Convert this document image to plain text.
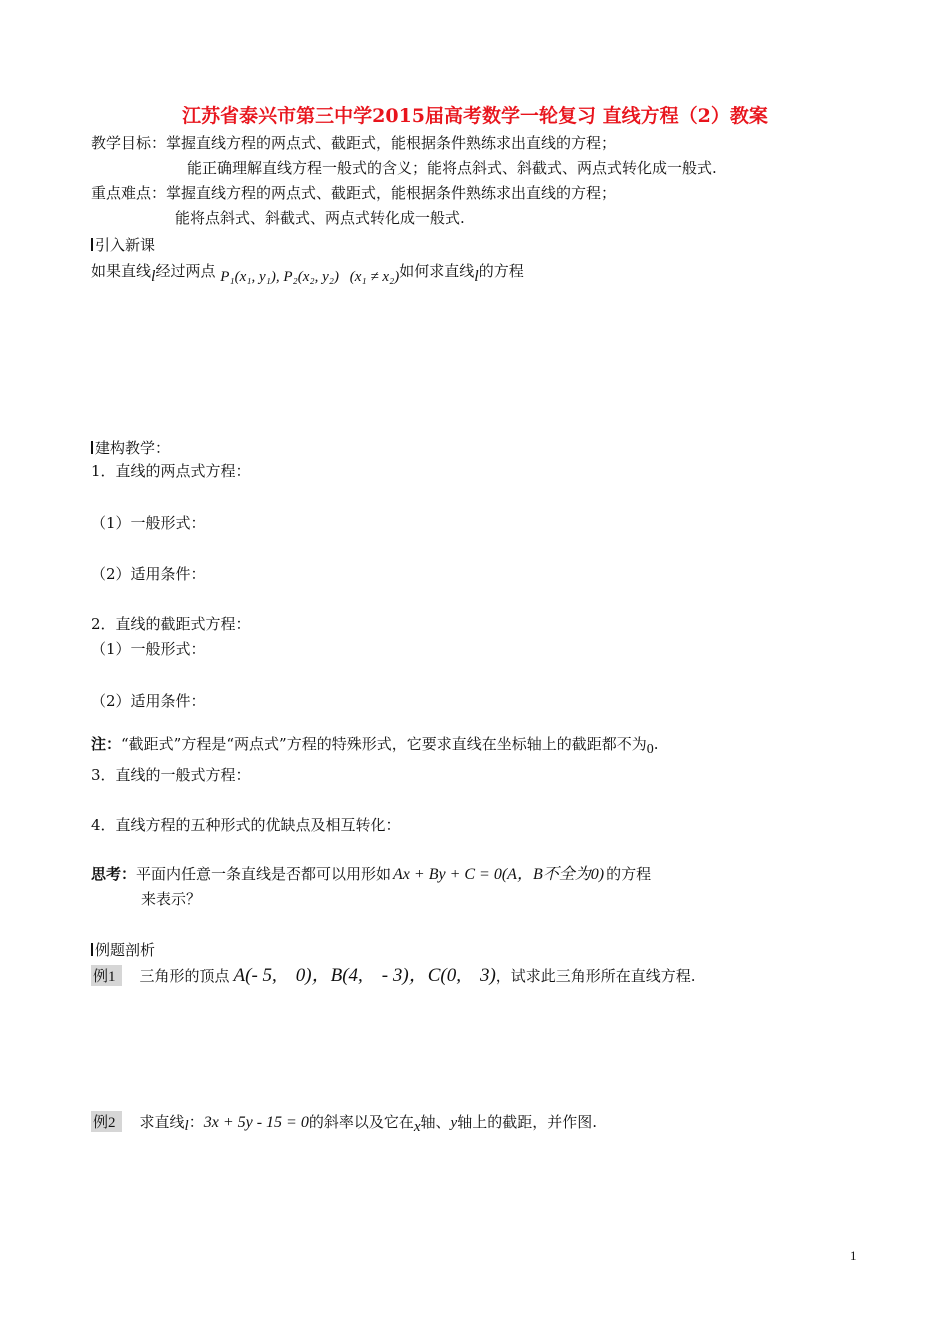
江苏省泰兴市第三中学2015届高考数学一轮复习 直线方程（2）教案
教学目标：掌握直线方程的两点式、截距式，能根据条件熟练求出直线的方程；
能正确理解直线方程一般式的含义；能将点斜式、斜截式、两点式转化成一般式.
重点难点：掌握直线方程的两点式、截距式，能根据条件熟练求出直线的方程；
能将点斜式、斜截式、两点式转化成一般式.
引入新课
如果直线l经过两点 P₁(x₁, y₁), P₂(x₂, y₂) (x₁ ≠ x₂)如何求直线l的方程
建构教学：
1．直线的两点式方程：
（1）一般形式：
（2）适用条件：
2．直线的截距式方程：
（1）一般形式：
（2）适用条件：
注：“截距式”方程是“两点式”方程的特殊形式，它要求直线在坐标轴上的截距都不为0.
3．直线的一般式方程：
4．直线方程的五种形式的优缺点及相互转化：
思考：平面内任意一条直线是否都可以用形如 Ax + By + C = 0(A，B不全为0) 的方程
来表示？
例题剖析
例1 三角形的顶点 A(- 5,　0)，B(4,　- 3)，C(0,　3)，试求此三角形所在直线方程.
例2 求直线l：3x + 5y - 15 = 0的斜率以及它在x轴、y轴上的截距，并作图.
1
